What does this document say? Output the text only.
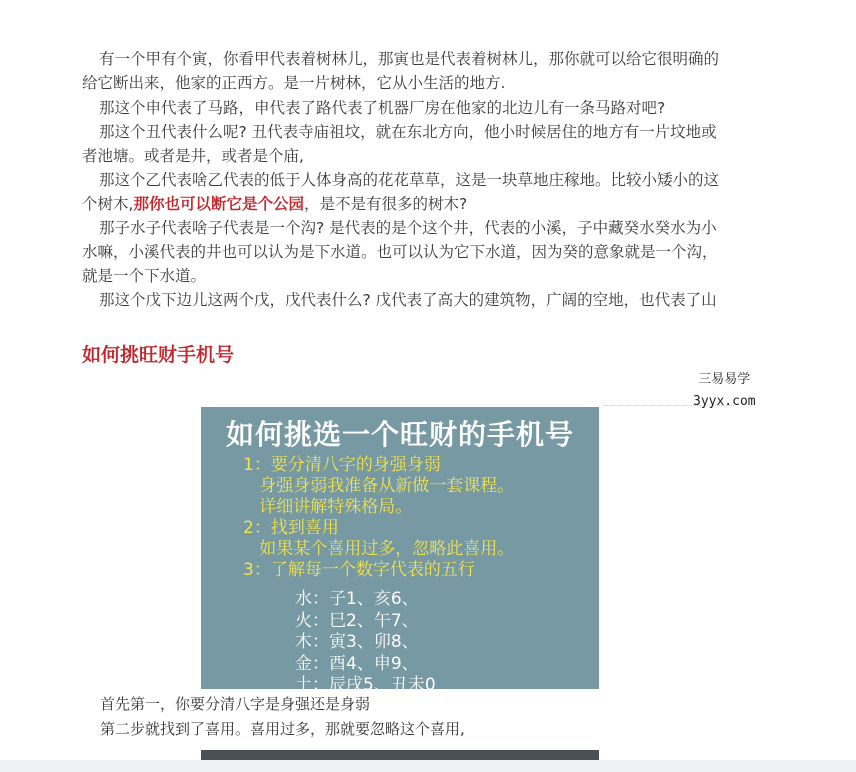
有一个甲有个寅，你看甲代表着树林儿，那寅也是代表着树林儿，那你就可以给它很明确的给它断出来，他家的正西方。是一片树林，它从小生活的地方.

那这个申代表了马路，申代表了路代表了机器厂房在他家的北边儿有一条马路对吧?

那这个丑代表什么呢? 丑代表寺庙祖坟，就在东北方向，他小时候居住的地方有一片坟地或者池塘。或者是井，或者是个庙,

那这个乙代表啥乙代表的低于人体身高的花花草草，这是一块草地庄稼地。比较小矮小的这个树木,那你也可以断它是个公园，是不是有很多的树木?

那子水子代表啥子代表是一个沟? 是代表的是个这个井，代表的小溪，子中藏癸水癸水为小水嘛，小溪代表的井也可以认为是下水道。也可以认为它下水道，因为癸的意象就是一个沟，就是一个下水道。

那这个戊下边儿这两个戊，戊代表什么? 戊代表了高大的建筑物，广阔的空地，也代表了山

如何挑旺财手机号
三易易学
3yyx.com
如何挑选一个旺财的手机号
1：要分清八字的身强身弱
身强身弱我准备从新做一套课程。
详细讲解特殊格局。
2：找到喜用
如果某个喜用过多，忽略此喜用。
3：了解每一个数字代表的五行
水：子1、亥6、
火：巳2、午7、
木：寅3、卯8、
金：酉4、申9、
土：辰戌5、丑未0

首先第一，你要分清八字是身强还是身弱

第二步就找到了喜用。喜用过多，那就要忽略这个喜用,
